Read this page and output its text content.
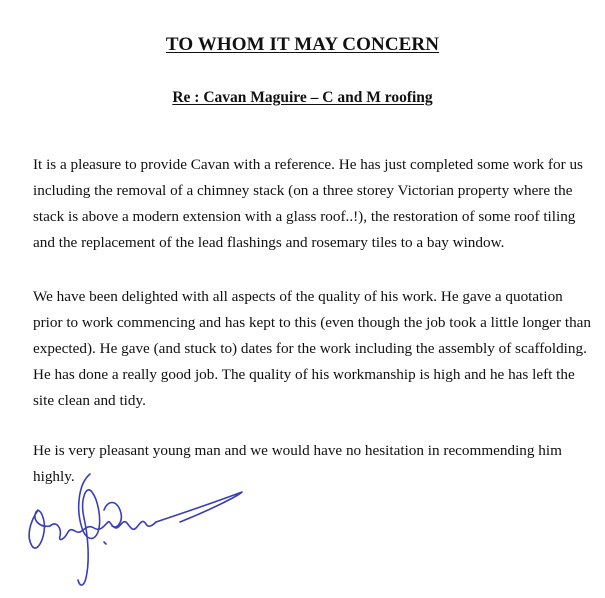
TO WHOM IT MAY CONCERN
Re : Cavan Maguire – C and M roofing

It is a pleasure to provide Cavan with a reference. He has just completed some work for us including the removal of a chimney stack (on a three storey Victorian property where the stack is above a modern extension with a glass roof..!), the restoration of some roof tiling and the replacement of the lead flashings and rosemary tiles to a bay window.

We have been delighted with all aspects of the quality of his work. He gave a quotation prior to work commencing and has kept to this (even though the job took a little longer than expected). He gave (and stuck to) dates for the work including the assembly of scaffolding. He has done a really good job. The quality of his workmanship is high and he has left the site clean and tidy.

He is very pleasant young man and we would have no hesitation in recommending him highly.
